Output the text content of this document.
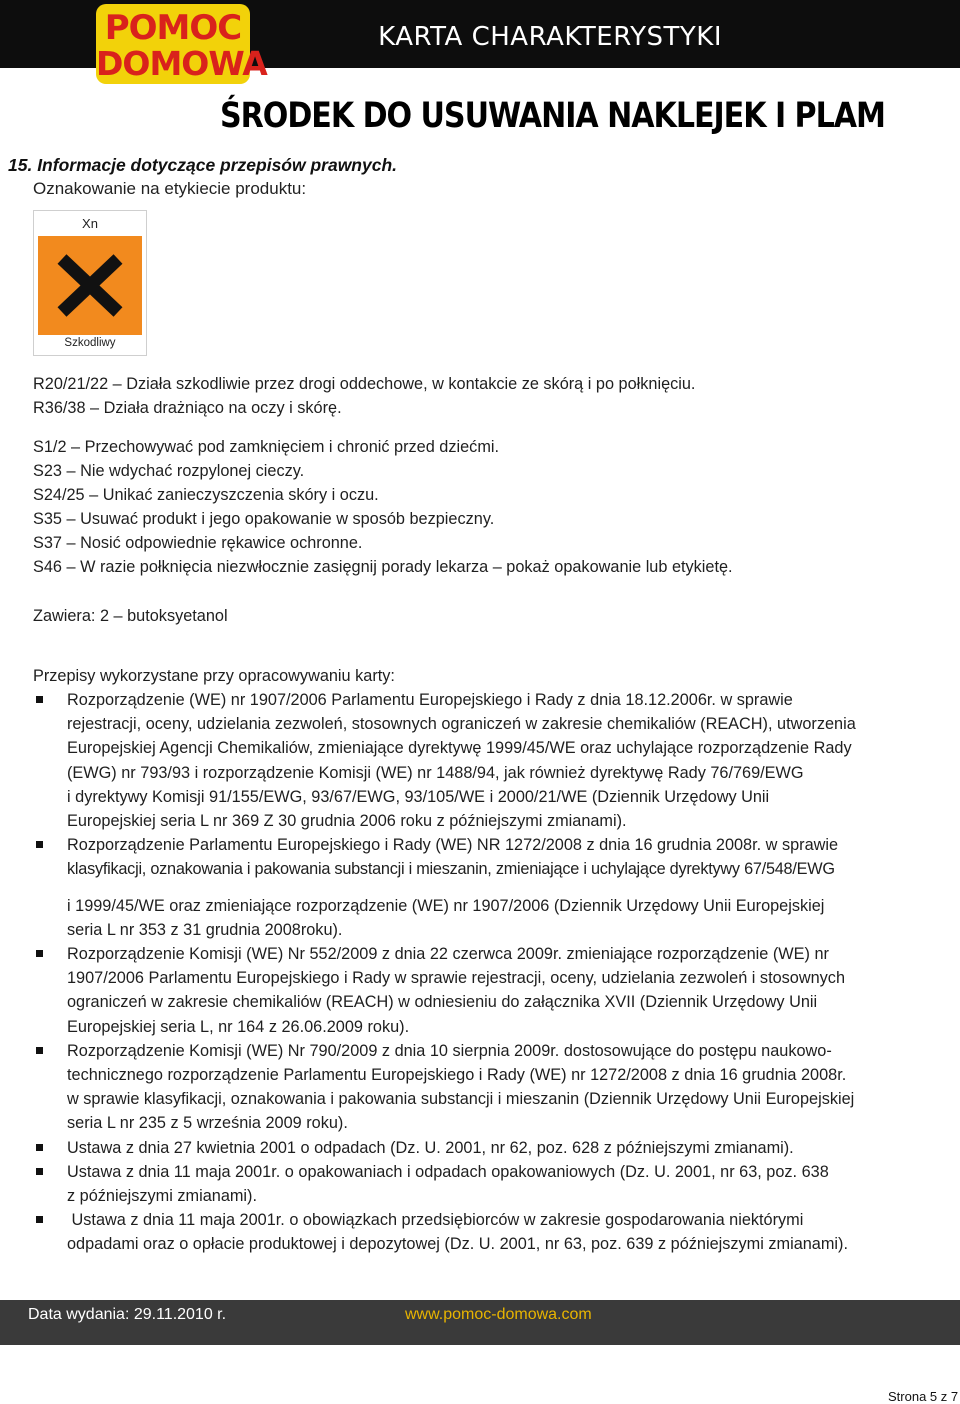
KARTA CHARAKTERYSTYKI
POMOC
DOMOWA
ŚRODEK DO USUWANIA NAKLEJEK I PLAM
15. Informacje dotyczące przepisów prawnych.
Oznakowanie na etykiecie produktu:
Xn
Szkodliwy
R20/21/22 – Działa szkodliwie przez drogi oddechowe, w kontakcie ze skórą i po połknięciu.
R36/38 – Działa drażniąco na oczy i skórę.
S1/2 – Przechowywać pod zamknięciem i chronić przed dziećmi.
S23 – Nie wdychać rozpylonej cieczy.
S24/25 – Unikać zanieczyszczenia skóry i oczu.
S35 – Usuwać produkt i jego opakowanie w sposób bezpieczny.
S37 – Nosić odpowiednie rękawice ochronne.
S46 – W razie połknięcia niezwłocznie zasięgnij porady lekarza – pokaż opakowanie lub etykietę.
Zawiera: 2 – butoksyetanol
Przepisy wykorzystane przy opracowywaniu karty:
Rozporządzenie (WE) nr 1907/2006 Parlamentu Europejskiego i Rady z dnia 18.12.2006r. w sprawie
rejestracji, oceny, udzielania zezwoleń, stosownych ograniczeń w zakresie chemikaliów (REACH), utworzenia
Europejskiej Agencji Chemikaliów, zmieniające dyrektywę 1999/45/WE oraz uchylające rozporządzenie Rady
(EWG) nr 793/93 i rozporządzenie Komisji (WE) nr 1488/94, jak również dyrektywę Rady 76/769/EWG
i dyrektywy Komisji 91/155/EWG, 93/67/EWG, 93/105/WE i 2000/21/WE (Dziennik Urzędowy Unii
Europejskiej seria L nr 369 Z 30 grudnia 2006 roku z późniejszymi zmianami).
Rozporządzenie Parlamentu Europejskiego i Rady (WE) NR 1272/2008 z dnia 16 grudnia 2008r. w sprawie
klasyfikacji, oznakowania i pakowania substancji i mieszanin, zmieniające i uchylające dyrektywy 67/548/EWG
i 1999/45/WE oraz zmieniające rozporządzenie (WE) nr 1907/2006 (Dziennik Urzędowy Unii Europejskiej
seria L nr 353 z 31 grudnia 2008roku).
Rozporządzenie Komisji (WE) Nr 552/2009 z dnia 22 czerwca 2009r. zmieniające rozporządzenie (WE) nr
1907/2006 Parlamentu Europejskiego i Rady w sprawie rejestracji, oceny, udzielania zezwoleń i stosownych
ograniczeń w zakresie chemikaliów (REACH) w odniesieniu do załącznika XVII (Dziennik Urzędowy Unii
Europejskiej seria L, nr 164 z 26.06.2009 roku).
Rozporządzenie Komisji (WE) Nr 790/2009 z dnia 10 sierpnia 2009r. dostosowujące do postępu naukowo-
technicznego rozporządzenie Parlamentu Europejskiego i Rady (WE) nr 1272/2008 z dnia 16 grudnia 2008r.
w sprawie klasyfikacji, oznakowania i pakowania substancji i mieszanin (Dziennik Urzędowy Unii Europejskiej
seria L nr 235 z 5 września 2009 roku).
Ustawa z dnia 27 kwietnia 2001 o odpadach (Dz. U. 2001, nr 62, poz. 628 z późniejszymi zmianami).
Ustawa z dnia 11 maja 2001r. o opakowaniach i odpadach opakowaniowych (Dz. U. 2001, nr 63, poz. 638
z późniejszymi zmianami).
Ustawa z dnia 11 maja 2001r. o obowiązkach przedsiębiorców w zakresie gospodarowania niektórymi
odpadami oraz o opłacie produktowej i depozytowej (Dz. U. 2001, nr 63, poz. 639 z późniejszymi zmianami).
Data wydania: 29.11.2010 r.	www.pomoc-domowa.com
Strona 5 z 7
